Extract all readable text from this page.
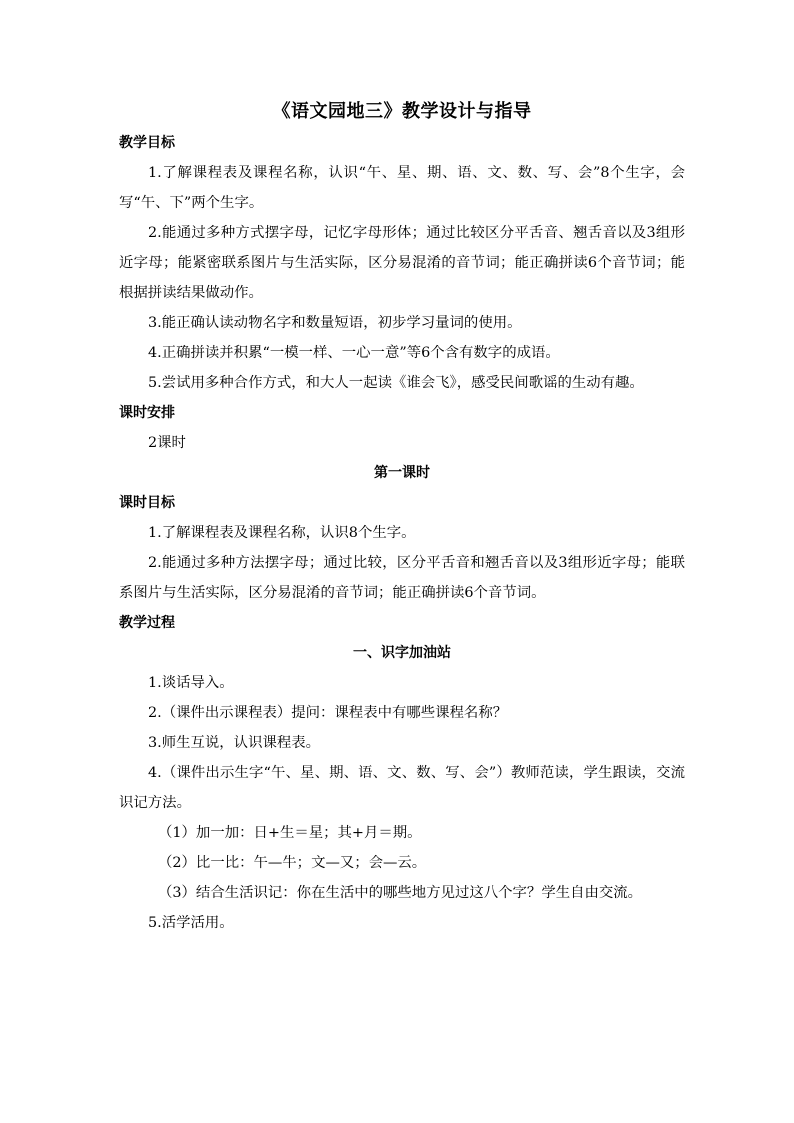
《语文园地三》教学设计与指导
教学目标

1.了解课程表及课程名称，认识“午、星、期、语、文、数、写、会”8个生字，会写“午、下”两个生字。

2.能通过多种方式摆字母，记忆字母形体；通过比较区分平舌音、翘舌音以及3组形近字母；能紧密联系图片与生活实际，区分易混淆的音节词；能正确拼读6个音节词；能根据拼读结果做动作。

3.能正确认读动物名字和数量短语，初步学习量词的使用。

4.正确拼读并积累“一模一样、一心一意”等6个含有数字的成语。

5.尝试用多种合作方式，和大人一起读《谁会飞》，感受民间歌谣的生动有趣。

课时安排

2课时

第一课时
课时目标

1.了解课程表及课程名称，认识8个生字。

2.能通过多种方法摆字母；通过比较，区分平舌音和翘舌音以及3组形近字母；能联系图片与生活实际，区分易混淆的音节词；能正确拼读6个音节词。

教学过程
一、识字加油站

1.谈话导入。

2.（课件出示课程表）提问：课程表中有哪些课程名称？

3.师生互说，认识课程表。

4.（课件出示生字“午、星、期、语、文、数、写、会”）教师范读，学生跟读，交流识记方法。

（1）加一加：日+生＝星；其+月＝期。

（2）比一比：午—牛；文—又；会—云。

（3）结合生活识记：你在生活中的哪些地方见过这八个字？学生自由交流。

5.活学活用。
